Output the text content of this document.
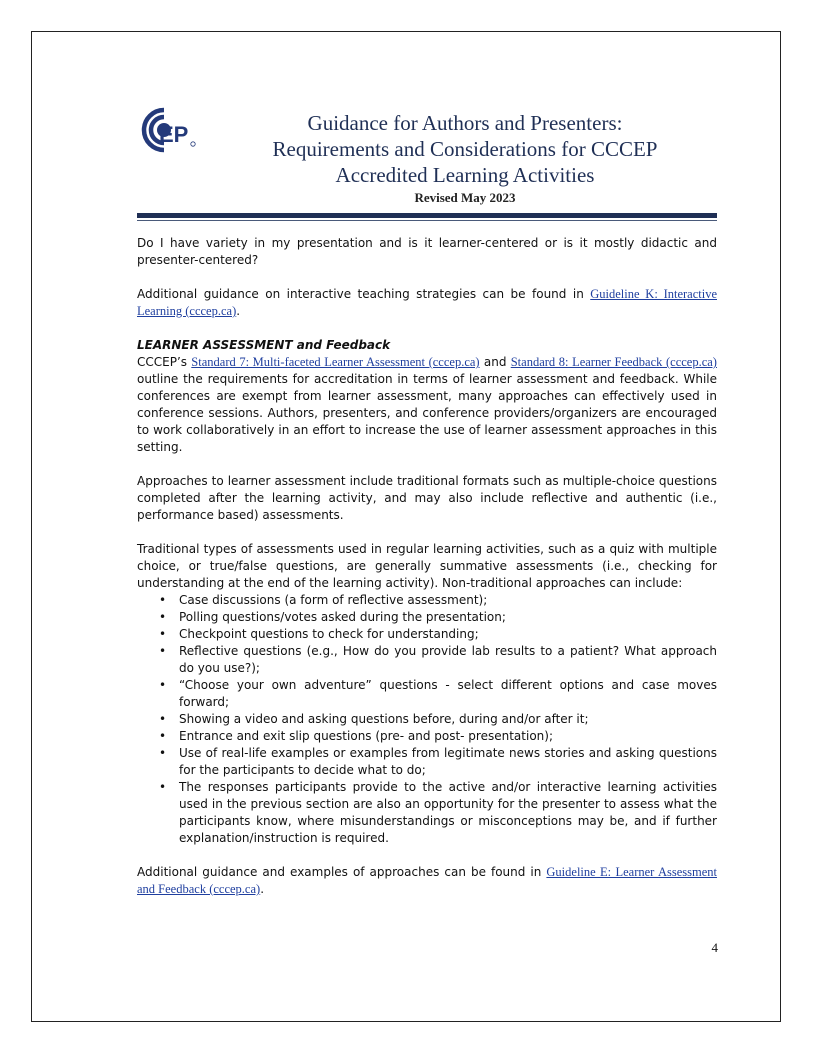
EP	Guidance for Authors and Presenters:
Requirements and Considerations for CCCEP
Accredited Learning Activities
Revised May 2023

Do I have variety in my presentation and is it learner-centered or is it mostly didactic and presenter-centered?

Additional guidance on interactive teaching strategies can be found in Guideline K: Interactive Learning (cccep.ca).

LEARNER ASSESSMENT and Feedback

CCCEP’s Standard 7: Multi-faceted Learner Assessment (cccep.ca) and Standard 8: Learner Feedback (cccep.ca) outline the requirements for accreditation in terms of learner assessment and feedback. While conferences are exempt from learner assessment, many approaches can effectively used in conference sessions. Authors, presenters, and conference providers/organizers are encouraged to work collaboratively in an effort to increase the use of learner assessment approaches in this setting.

Approaches to learner assessment include traditional formats such as multiple-choice questions completed after the learning activity, and may also include reflective and authentic (i.e., performance based) assessments.

Traditional types of assessments used in regular learning activities, such as a quiz with multiple choice, or true/false questions, are generally summative assessments (i.e., checking for understanding at the end of the learning activity). Non-traditional approaches can include:

• Case discussions (a form of reflective assessment);
• Polling questions/votes asked during the presentation;
• Checkpoint questions to check for understanding;
• Reflective questions (e.g., How do you provide lab results to a patient? What approach do you use?);
• “Choose your own adventure” questions - select different options and case moves forward;
• Showing a video and asking questions before, during and/or after it;
• Entrance and exit slip questions (pre- and post- presentation);
• Use of real-life examples or examples from legitimate news stories and asking questions for the participants to decide what to do;
• The responses participants provide to the active and/or interactive learning activities used in the previous section are also an opportunity for the presenter to assess what the participants know, where misunderstandings or misconceptions may be, and if further explanation/instruction is required.

Additional guidance and examples of approaches can be found in Guideline E: Learner Assessment and Feedback (cccep.ca).

4
